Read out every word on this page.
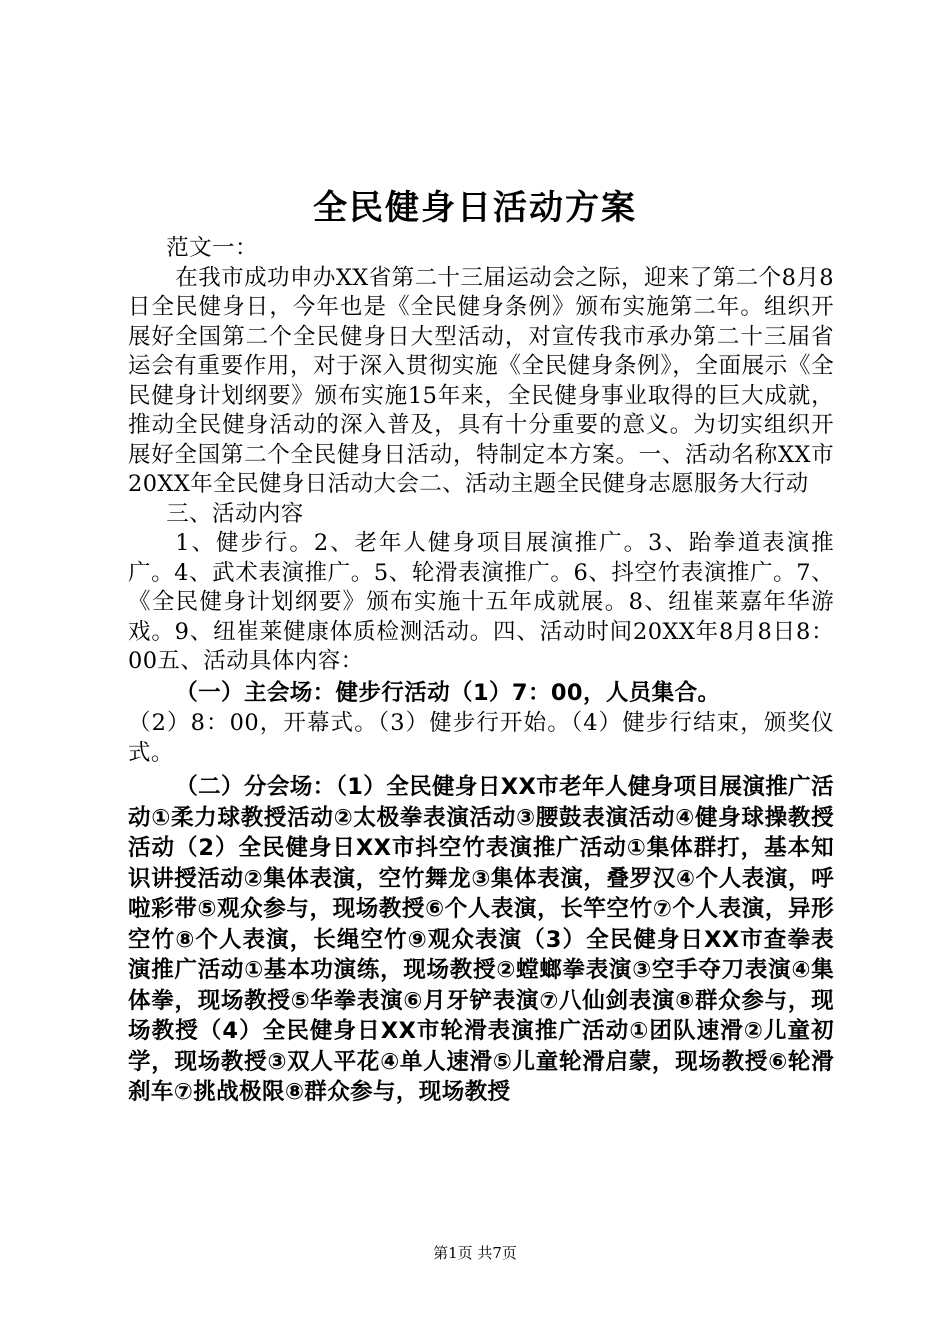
全民健身日活动方案

范文一：

在我市成功申办XX省第二十三届运动会之际，迎来了第二个8月8日全民健身日，今年也是《全民健身条例》颁布实施第二年。组织开展好全国第二个全民健身日大型活动，对宣传我市承办第二十三届省运会有重要作用，对于深入贯彻实施《全民健身条例》，全面展示《全民健身计划纲要》颁布实施15年来，全民健身事业取得的巨大成就，推动全民健身活动的深入普及，具有十分重要的意义。为切实组织开展好全国第二个全民健身日活动，特制定本方案。一、活动名称XX市20XX年全民健身日活动大会二、活动主题全民健身志愿服务大行动

三、活动内容

1、健步行。2、老年人健身项目展演推广。3、跆拳道表演推广。4、武术表演推广。5、轮滑表演推广。6、抖空竹表演推广。7、《全民健身计划纲要》颁布实施十五年成就展。8、纽崔莱嘉年华游戏。9、纽崔莱健康体质检测活动。四、活动时间20XX年8月8日8：00五、活动具体内容：

（一）主会场：健步行活动（1）7：00，人员集合。

（2）8：00，开幕式。（3）健步行开始。（4）健步行结束，颁奖仪式。

（二）分会场：（1）全民健身日XX市老年人健身项目展演推广活动①柔力球教授活动②太极拳表演活动③腰鼓表演活动④健身球操教授活动（2）全民健身日XX市抖空竹表演推广活动①集体群打，基本知识讲授活动②集体表演，空竹舞龙③集体表演，叠罗汉④个人表演，呼啦彩带⑤观众参与，现场教授⑥个人表演，长竿空竹⑦个人表演，异形空竹⑧个人表演，长绳空竹⑨观众表演（3）全民健身日XX市查拳表演推广活动①基本功演练，现场教授②螳螂拳表演③空手夺刀表演④集体拳，现场教授⑤华拳表演⑥月牙铲表演⑦八仙剑表演⑧群众参与，现场教授（4）全民健身日XX市轮滑表演推广活动①团队速滑②儿童初学，现场教授③双人平花④单人速滑⑤儿童轮滑启蒙，现场教授⑥轮滑刹车⑦挑战极限⑧群众参与，现场教授

第1页 共7页
